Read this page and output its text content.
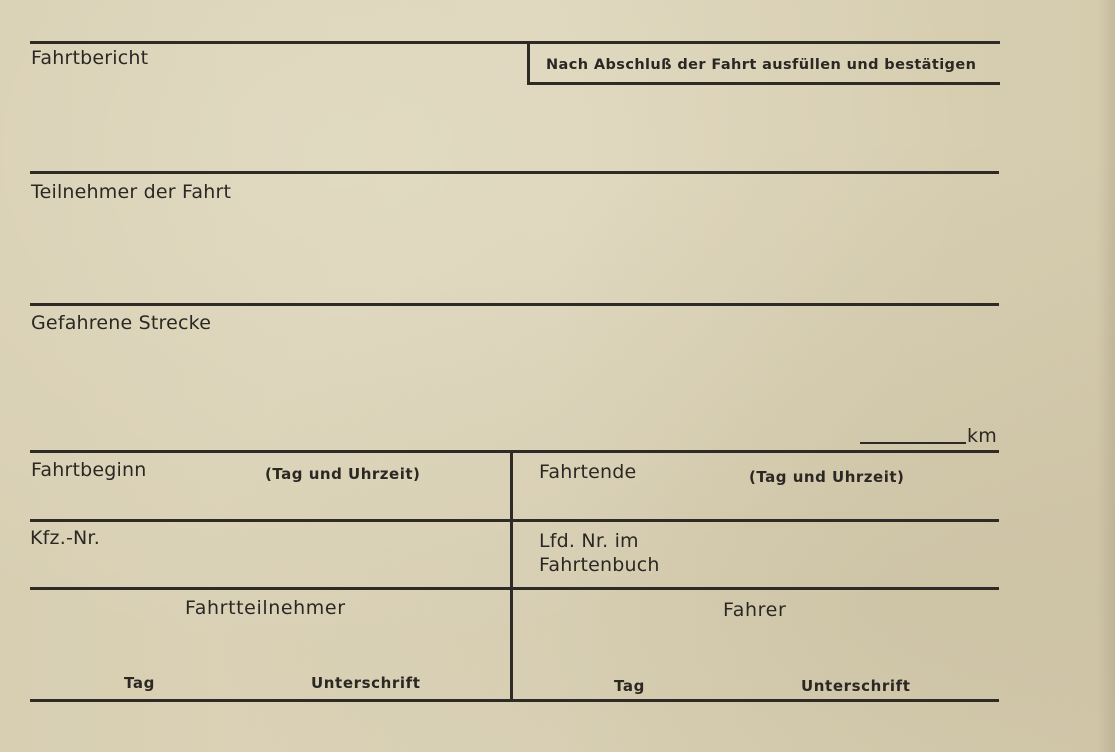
Fahrtbericht	Nach Abschluß der Fahrt ausfüllen und bestätigen
Teilnehmer der Fahrt
Gefahrene Strecke
km
Fahrtbeginn	(Tag und Uhrzeit)	Fahrtende	(Tag und Uhrzeit)
Kfz.-Nr.	Lfd. Nr. im
Fahrtenbuch
Fahrtteilnehmer	Fahrer
Tag	Unterschrift	Tag	Unterschrift
